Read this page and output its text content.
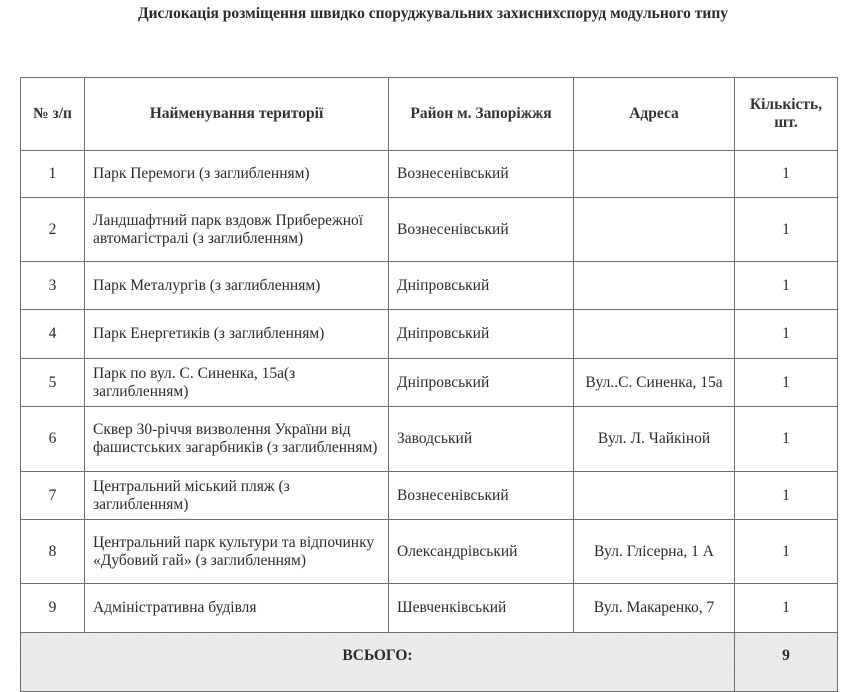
Дислокація розміщення швидко споруджувальних захиснихспоруд модульного типу
№ з/п	Найменування території	Район м. Запоріжжя	Адреса	Кількість, шт.
1	Парк Перемоги (з заглибленням)	Вознесенівський		1
2	Ландшафтний парк вздовж Прибережної автомагістралі (з заглибленням)	Вознесенівський		1
3	Парк Металургів (з заглибленням)	Дніпровський		1
4	Парк Енергетиків (з заглибленням)	Дніпровський		1
5	Парк по вул. С. Синенка, 15а(з заглибленням)	Дніпровський	Вул..С. Синенка, 15а	1
6	Сквер 30-річчя визволення України від фашистських загарбників (з заглибленням)	Заводський	Вул. Л. Чайкіной	1
7	Центральний міський пляж (з заглибленням)	Вознесенівський		1
8	Центральний парк культури та відпочинку «Дубовий гай» (з заглибленням)	Олександрівський	Вул. Глісерна, 1 А	1
9	Адміністративна будівля	Шевченківський	Вул. Макаренко, 7	1
ВСЬОГО:				9
